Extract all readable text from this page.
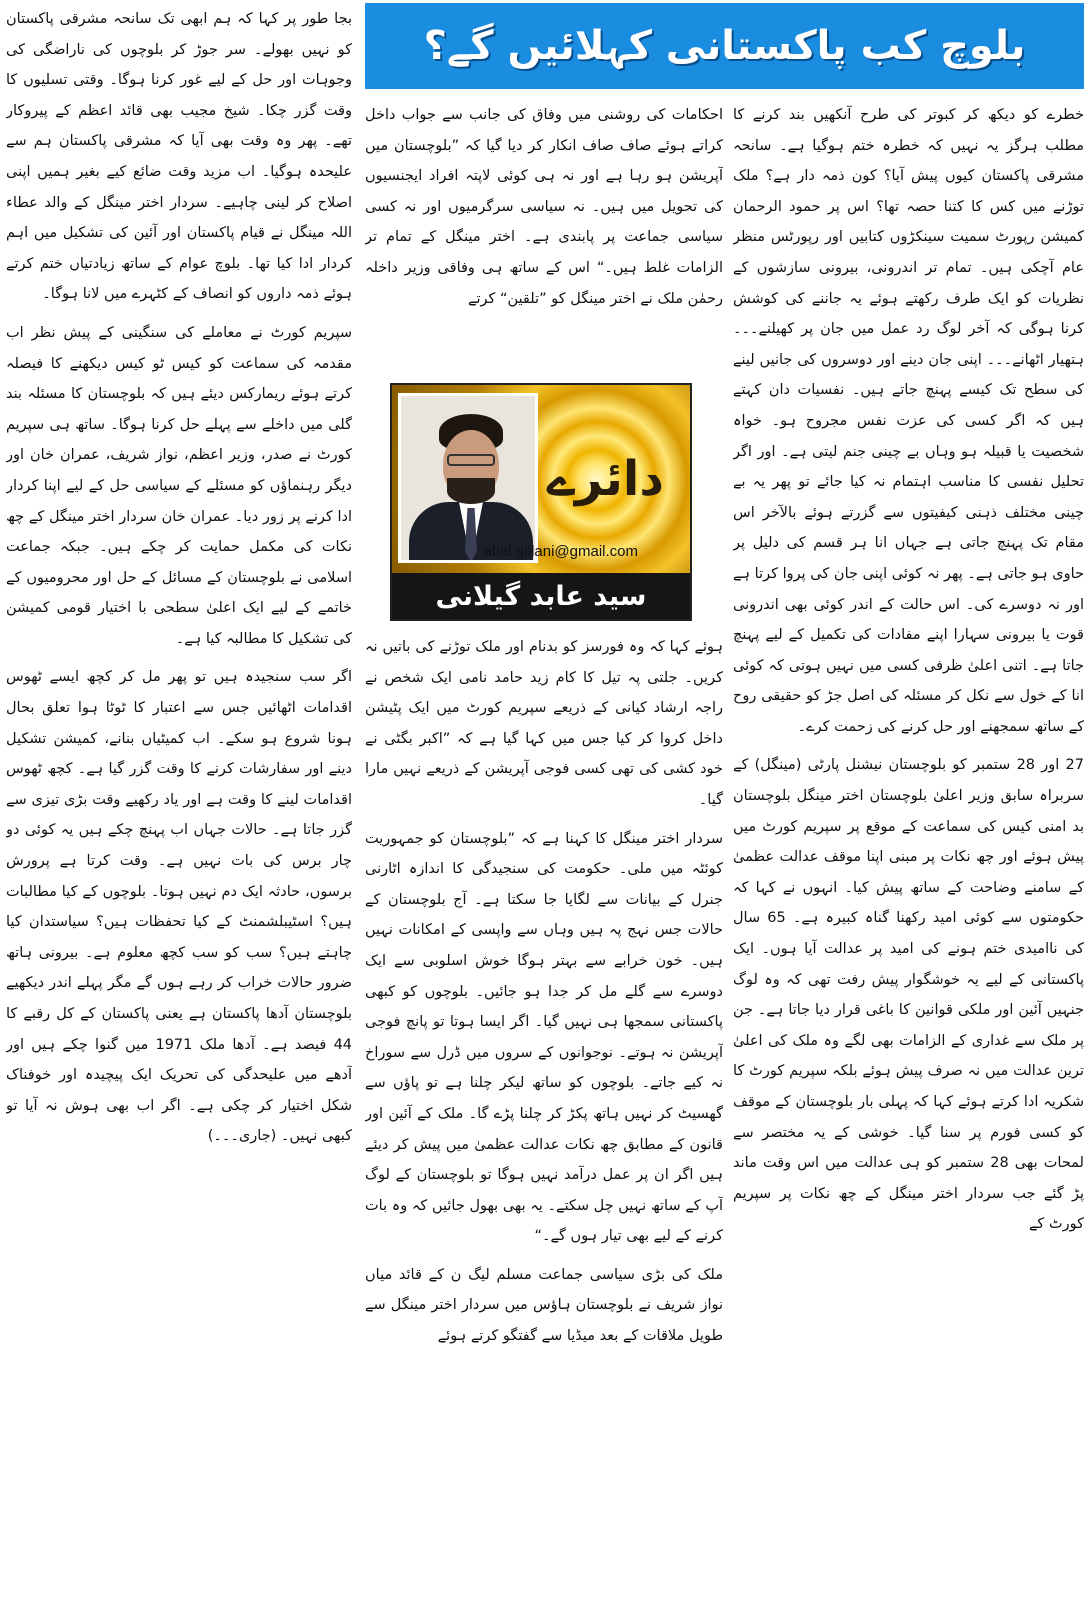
بلوچ کب پاکستانی کہلائیں گے؟

خطرے کو دیکھ کر کبوتر کی طرح آنکھیں بند کرنے کا مطلب ہرگز یہ نہیں کہ خطرہ ختم ہوگیا ہے۔ سانحہ مشرقی پاکستان کیوں پیش آیا؟ کون ذمہ دار ہے؟ ملک توڑنے میں کس کا کتنا حصہ تھا؟ اس پر حمود الرحمان کمیشن رپورٹ سمیت سینکڑوں کتابیں اور رپورٹس منظر عام آچکی ہیں۔ تمام تر اندرونی، بیرونی سازشوں کے نظریات کو ایک طرف رکھتے ہوئے یہ جاننے کی کوشش کرنا ہوگی کہ آخر لوگ رد عمل میں جان پر کھیلنے۔۔۔ ہتھیار اٹھانے۔۔۔ اپنی جان دینے اور دوسروں کی جانیں لینے کی سطح تک کیسے پہنچ جاتے ہیں۔ نفسیات دان کہتے ہیں کہ اگر کسی کی عزت نفس مجروح ہو۔ خواہ شخصیت یا قبیلہ ہو وہاں بے چینی جنم لیتی ہے۔ اور اگر تحلیل نفسی کا مناسب اہتمام نہ کیا جائے تو پھر یہ بے چینی مختلف ذہنی کیفیتوں سے گزرتے ہوئے بالآخر اس مقام تک پہنچ جاتی ہے جہاں انا ہر قسم کی دلیل پر حاوی ہو جاتی ہے۔ پھر نہ کوئی اپنی جان کی پروا کرتا ہے اور نہ دوسرے کی۔ اس حالت کے اندر کوئی بھی اندرونی قوت یا بیرونی سہارا اپنے مفادات کی تکمیل کے لیے پہنچ جاتا ہے۔ اتنی اعلیٰ ظرفی کسی میں نہیں ہوتی کہ کوئی انا کے خول سے نکل کر مسئلہ کی اصل جڑ کو حقیقی روح کے ساتھ سمجھنے اور حل کرنے کی زحمت کرے۔

27 اور 28 ستمبر کو بلوچستان نیشنل پارٹی (مینگل) کے سربراہ سابق وزیر اعلیٰ بلوچستان اختر مینگل بلوچستان بد امنی کیس کی سماعت کے موقع پر سپریم کورٹ میں پیش ہوئے اور چھ نکات پر مبنی اپنا موقف عدالت عظمیٰ کے سامنے وضاحت کے ساتھ پیش کیا۔ انہوں نے کہا کہ حکومتوں سے کوئی امید رکھنا گناہ کبیرہ ہے۔ 65 سال کی ناامیدی ختم ہونے کی امید پر عدالت آیا ہوں۔ ایک پاکستانی کے لیے یہ خوشگوار پیش رفت تھی کہ وہ لوگ جنہیں آئین اور ملکی قوانین کا باغی قرار دیا جاتا ہے۔ جن پر ملک سے غداری کے الزامات بھی لگے وہ ملک کی اعلیٰ ترین عدالت میں نہ صرف پیش ہوئے بلکہ سپریم کورٹ کا شکریہ ادا کرتے ہوئے کہا کہ پہلی بار بلوچستان کے موقف کو کسی فورم پر سنا گیا۔ خوشی کے یہ مختصر سے لمحات بھی 28 ستمبر کو ہی عدالت میں اس وقت ماند پڑ گئے جب سردار اختر مینگل کے چھ نکات پر سپریم کورٹ کے

احکامات کی روشنی میں وفاق کی جانب سے جواب داخل کراتے ہوئے صاف صاف انکار کر دیا گیا کہ ”بلوچستان میں آپریشن ہو رہا ہے اور نہ ہی کوئی لاپتہ افراد ایجنسیوں کی تحویل میں ہیں۔ نہ سیاسی سرگرمیوں اور نہ کسی سیاسی جماعت پر پابندی ہے۔ اختر مینگل کے تمام تر الزامات غلط ہیں۔“ اس کے ساتھ ہی وفاقی وزیر داخلہ رحمٰن ملک نے اختر مینگل کو ”تلقین“ کرتے

دائرے
abid.gillani@gmail.com
سید عابد گیلانی

ہوئے کہا کہ وہ فورسز کو بدنام اور ملک توڑنے کی باتیں نہ کریں۔ جلتی پہ تیل کا کام زید حامد نامی ایک شخص نے راجہ ارشاد کیانی کے ذریعے سپریم کورٹ میں ایک پٹیشن داخل کروا کر کیا جس میں کہا گیا ہے کہ ”اکبر بگٹی نے خود کشی کی تھی کسی فوجی آپریشن کے ذریعے نہیں مارا گیا۔

سردار اختر مینگل کا کہنا ہے کہ ”بلوچستان کو جمہوریت کوئٹہ میں ملی۔ حکومت کی سنجیدگی کا اندازہ اٹارنی جنرل کے بیانات سے لگایا جا سکتا ہے۔ آج بلوچستان کے حالات جس نہج پہ ہیں وہاں سے واپسی کے امکانات نہیں ہیں۔ خون خرابے سے بہتر ہوگا خوش اسلوبی سے ایک دوسرے سے گلے مل کر جدا ہو جائیں۔ بلوچوں کو کبھی پاکستانی سمجھا ہی نہیں گیا۔ اگر ایسا ہوتا تو پانچ فوجی آپریشن نہ ہوتے۔ نوجوانوں کے سروں میں ڈرل سے سوراخ نہ کیے جاتے۔ بلوچوں کو ساتھ لیکر چلنا ہے تو پاؤں سے گھسیٹ کر نہیں ہاتھ پکڑ کر چلنا پڑے گا۔ ملک کے آئین اور قانون کے مطابق چھ نکات عدالت عظمیٰ میں پیش کر دیئے ہیں اگر ان پر عمل درآمد نہیں ہوگا تو بلوچستان کے لوگ آپ کے ساتھ نہیں چل سکتے۔ یہ بھی بھول جائیں کہ وہ بات کرنے کے لیے بھی تیار ہوں گے۔“

ملک کی بڑی سیاسی جماعت مسلم لیگ ن کے قائد میاں نواز شریف نے بلوچستان ہاؤس میں سردار اختر مینگل سے طویل ملاقات کے بعد میڈیا سے گفتگو کرتے ہوئے

بجا طور پر کہا کہ ہم ابھی تک سانحہ مشرقی پاکستان کو نہیں بھولے۔ سر جوڑ کر بلوچوں کی ناراضگی کی وجوہات اور حل کے لیے غور کرنا ہوگا۔ وقتی تسلیوں کا وقت گزر چکا۔ شیخ مجیب بھی قائد اعظم کے پیروکار تھے۔ پھر وہ وقت بھی آیا کہ مشرقی پاکستان ہم سے علیحدہ ہوگیا۔ اب مزید وقت ضائع کیے بغیر ہمیں اپنی اصلاح کر لینی چاہیے۔ سردار اختر مینگل کے والد عطاء اللہ مینگل نے قیام پاکستان اور آئین کی تشکیل میں اہم کردار ادا کیا تھا۔ بلوچ عوام کے ساتھ زیادتیاں ختم کرتے ہوئے ذمہ داروں کو انصاف کے کٹہرے میں لانا ہوگا۔

سپریم کورٹ نے معاملے کی سنگینی کے پیش نظر اب مقدمہ کی سماعت کو کیس ٹو کیس دیکھنے کا فیصلہ کرتے ہوئے ریمارکس دیئے ہیں کہ بلوچستان کا مسئلہ بند گلی میں داخلے سے پہلے حل کرنا ہوگا۔ ساتھ ہی سپریم کورٹ نے صدر، وزیر اعظم، نواز شریف، عمران خان اور دیگر رہنماؤں کو مسئلے کے سیاسی حل کے لیے اپنا کردار ادا کرنے پر زور دیا۔ عمران خان سردار اختر مینگل کے چھ نکات کی مکمل حمایت کر چکے ہیں۔ جبکہ جماعت اسلامی نے بلوچستان کے مسائل کے حل اور محرومیوں کے خاتمے کے لیے ایک اعلیٰ سطحی با اختیار قومی کمیشن کی تشکیل کا مطالبہ کیا ہے۔

اگر سب سنجیدہ ہیں تو پھر مل کر کچھ ایسے ٹھوس اقدامات اٹھائیں جس سے اعتبار کا ٹوٹا ہوا تعلق بحال ہونا شروع ہو سکے۔ اب کمیٹیاں بنانے، کمیشن تشکیل دینے اور سفارشات کرنے کا وقت گزر گیا ہے۔ کچھ ٹھوس اقدامات لینے کا وقت ہے اور یاد رکھیے وقت بڑی تیزی سے گزر جاتا ہے۔ حالات جہاں اب پہنچ چکے ہیں یہ کوئی دو چار برس کی بات نہیں ہے۔ وقت کرتا ہے پرورش برسوں، حادثہ ایک دم نہیں ہوتا۔ بلوچوں کے کیا مطالبات ہیں؟ اسٹیبلشمنٹ کے کیا تحفظات ہیں؟ سیاستدان کیا چاہتے ہیں؟ سب کو سب کچھ معلوم ہے۔ بیرونی ہاتھ ضرور حالات خراب کر رہے ہوں گے مگر پہلے اندر دیکھیے بلوچستان آدھا پاکستان ہے یعنی پاکستان کے کل رقبے کا 44 فیصد ہے۔ آدھا ملک 1971 میں گنوا چکے ہیں اور آدھے میں علیحدگی کی تحریک ایک پیچیدہ اور خوفناک شکل اختیار کر چکی ہے۔ اگر اب بھی ہوش نہ آیا تو کبھی نہیں۔ (جاری۔۔۔)
